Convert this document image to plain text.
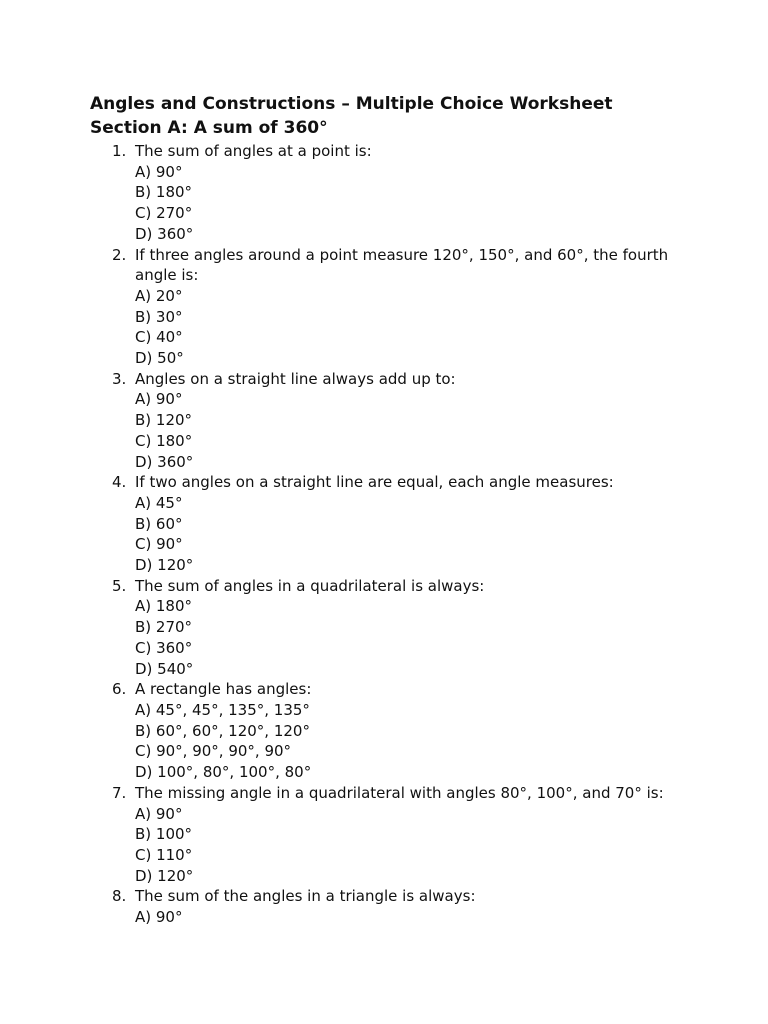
Angles and Constructions – Multiple Choice Worksheet
Section A: A sum of 360°
1. The sum of angles at a point is:
A) 90°
B) 180°
C) 270°
D) 360°
2. If three angles around a point measure 120°, 150°, and 60°, the fourth angle is:
A) 20°
B) 30°
C) 40°
D) 50°
3. Angles on a straight line always add up to:
A) 90°
B) 120°
C) 180°
D) 360°
4. If two angles on a straight line are equal, each angle measures:
A) 45°
B) 60°
C) 90°
D) 120°
5. The sum of angles in a quadrilateral is always:
A) 180°
B) 270°
C) 360°
D) 540°
6. A rectangle has angles:
A) 45°, 45°, 135°, 135°
B) 60°, 60°, 120°, 120°
C) 90°, 90°, 90°, 90°
D) 100°, 80°, 100°, 80°
7. The missing angle in a quadrilateral with angles 80°, 100°, and 70° is:
A) 90°
B) 100°
C) 110°
D) 120°
8. The sum of the angles in a triangle is always:
A) 90°
